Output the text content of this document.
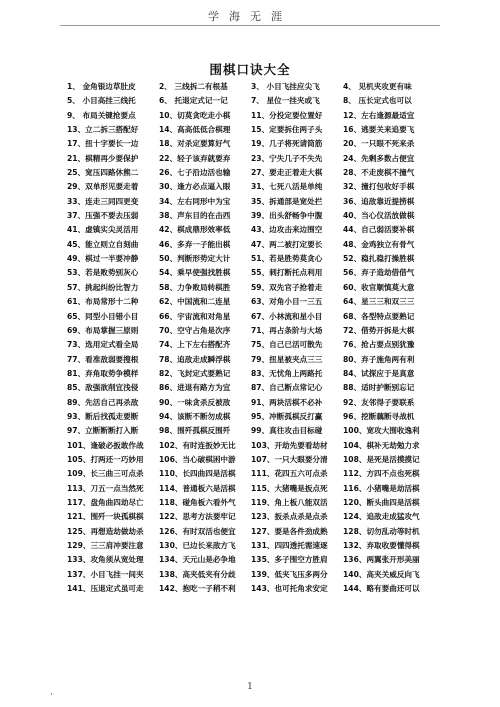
学海无涯
围棋口诀大全
1、 金角银边草肚皮	2、 三线拆二有根基	3、 小目飞挂应尖飞	4、 见机夹攻更有味
5、 小目高挂三线托	6、 托退定式记一记	7、 星位一挂夹或飞	8、 压长定式也可以
9、 布局关键抢要点	10、切莫贪吃走小棋	11、分投定要位置好	12、左右逢源最适宜
13、立二拆三搭配好	14、高高低低合棋理	15、定要拆住两子头	16、逃要关来追要飞
17、扭十字要长一边	18、对杀定要算好气	19、几子将死请筒筋	20、一只眼不死来杀
21、棋精再少要保护	22、轻子该弃就要弃	23、宁失几子不失先	24、先剩多数占便宜
25、宽压四路休熊二	26、七子沿边活也输	27、要走正着走大棋	28、不走废棋不撞气
29、双单形见要走着	30、逢方必点逼入眼	31、七死八活是单纯	32、撞打包收好手棋
33、连走三同四更变	34、左右同形中为宝	35、拆通部是宽处拦	36、追敌靠近提捞棋
37、压强不要去压弱	38、声东目的在击西	39、出头舒畅争中腹	40、当心仪活放做棋
41、虚镇实尖灵活用	42、棋成鼎形效率低	43、边攻击来边围空	44、自己弱活要补棋
45、能立则立自刻曲	46、多弃一子能出棋	47、两二被打定要长	48、金鸡独立有骨气
49、棋过一半要冲静	50、判断形势定大计	51、若是胜势莫贪心	52、稳扎稳打操胜棋
53、若是败势别灰心	54、乘早使强找胜棋	55、刺打断托点利用	56、弃子造劫借借气
57、挑起纠纷比智力	58、力争败局转棋胜	59、双先官子抢着走	60、收官顺慎莫大意
61、布局常形十二种	62、中国流和二连星	63、对角小目一三五	64、星三三和双三三
65、同型小目错小目	66、宇宙流和对角星	67、小林流和星小目	68、各型特点要熟记
69、布局掌握三原则	70、空守占角是次序	71、再占条阶与大场	72、借势开拆是大棋
73、选用定式看全局	74、上下左右搭配齐	75、自己已活可散先	76、抢占要点别犹豫
77、看准敌弱要搜根	78、追敌走成瞬浮棋	79、扭星被夹点三三	80、弃子施角两有利
81、弃角取势争模样	82、飞封定式要熟记	83、无忧角上两路托	84、试探应于是真意
85、敌强欲削宜浅侵	86、进退有路方为宜	87、自己断点常记心	88、适时护断别忘记
89、先活自己再杀敌	90、一味贪杀反被敌	91、两块活棋不必补	92、友邻得子要联系
93、断后找孤走要断	94、该断不断勿成棋	95、冲断孤棋反打赢	96、挖断藕断寻战机
97、立断断断打入断	98、围歼孤棋反围歼	99、真往攻击目标碰	100、宽攻大围收逸利
101、逢破必扳敢作战	102、有时连扳妙无比	103、开劫先要看劫材	104、棋补无劫勉力求
105、打两还一巧妙用	106、当心破棋困中游	107、一只大眼要分清	108、是死是活摸摸记
109、长三曲三可点杀	110、长四曲四是活棋	111、花四五六可点杀	112、方四不点也死棋
113、刀五一点当然死	114、普通板六是活棋	115、大猪嘴是扳点死	116、小猪嘴是劫活棋
117、盘角曲四劫尽亡	118、碰角板六看外气	119、角上板八能双活	120、断头曲四是活棋
121、围歼一块孤棋棋	122、思考方法要牢记	123、扳杀点杀是点杀	124、追敌走成猛攻气
125、再想造劫做劫杀	126、有时双活也便宜	127、要是各件劲成熟	128、切勿乱动等时机
129、三三肩冲要注意	130、已边长来敌方飞	131、四四透托需速逐	132、弃取收要懂得棋
133、攻角须从宽处理	134、天元山是必争地	135、多子围空方胜肩	136、两翼张开形美丽
137、小目飞挂一间夹	138、高夹低夹有分歧	139、低夹飞压多两分	140、高夹关威反向飞
141、压退定式虽可走	142、抱吃一子稍不利	143、也可托角求安定	144、略有要曲还可以
·
1
